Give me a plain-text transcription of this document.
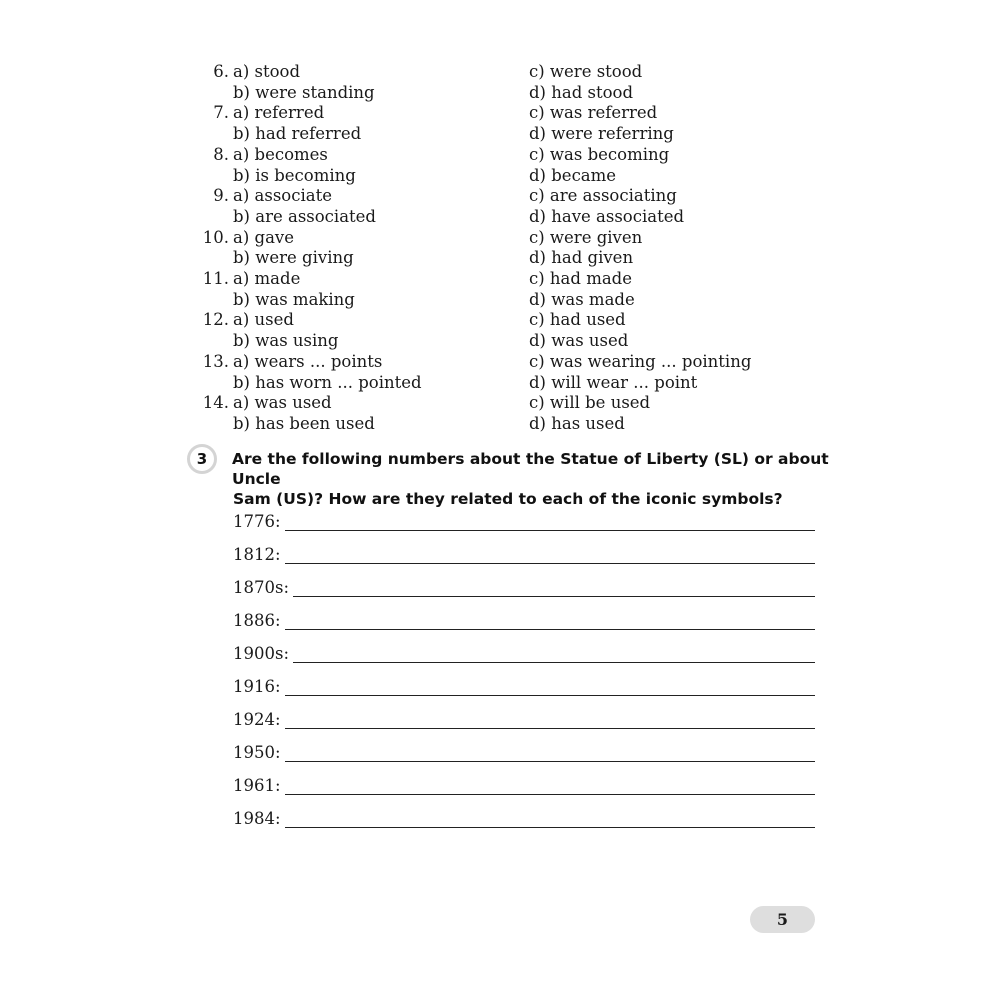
6. a) stood	c) were stood
b) were standing	d) had stood
7. a) referred	c) was referred
b) had referred	d) were referring
8. a) becomes	c) was becoming
b) is becoming	d) became
9. a) associate	c) are associating
b) are associated	d) have associated
10. a) gave	c) were given
b) were giving	d) had given
11. a) made	c) had made
b) was making	d) was made
12. a) used	c) had used
b) was using	d) was used
13. a) wears ... points	c) was wearing ... pointing
b) has worn ... pointed	d) will wear ... point
14. a) was used	c) will be used
b) has been used	d) has used
3	Are the following numbers about the Statue of Liberty (SL) or about Uncle
Sam (US)? How are they related to each of the iconic symbols?
1776:
1812:
1870s:
1886:
1900s:
1916:
1924:
1950:
1961:
1984:
5
